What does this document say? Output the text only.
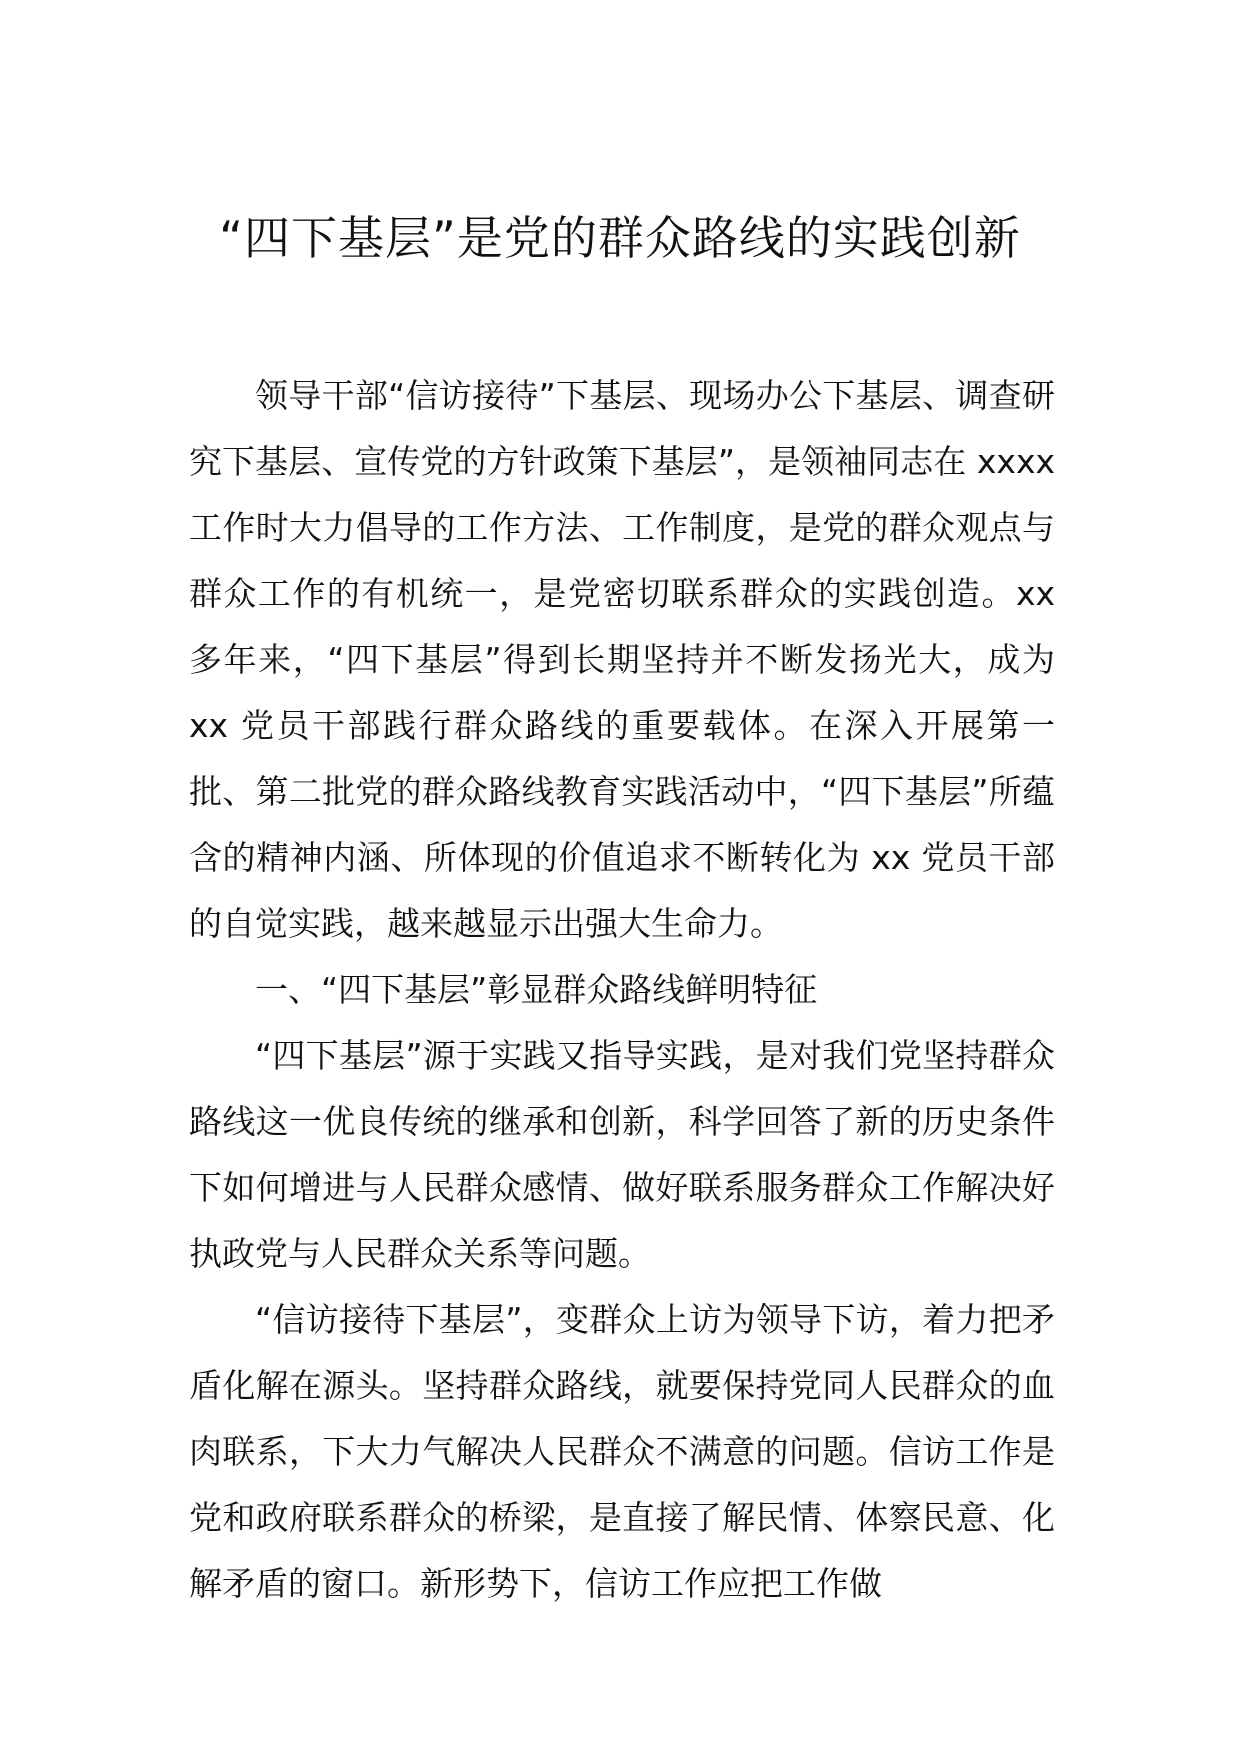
“四下基层”是党的群众路线的实践创新

领导干部“信访接待”下基层、现场办公下基层、调查研究下基层、宣传党的方针政策下基层”，是领袖同志在 xxxx 工作时大力倡导的工作方法、工作制度，是党的群众观点与群众工作的有机统一，是党密切联系群众的实践创造。xx 多年来，“四下基层”得到长期坚持并不断发扬光大，成为 xx 党员干部践行群众路线的重要载体。在深入开展第一批、第二批党的群众路线教育实践活动中，“四下基层”所蕴含的精神内涵、所体现的价值追求不断转化为 xx 党员干部的自觉实践，越来越显示出强大生命力。

一、“四下基层”彰显群众路线鲜明特征

“四下基层”源于实践又指导实践，是对我们党坚持群众路线这一优良传统的继承和创新，科学回答了新的历史条件下如何增进与人民群众感情、做好联系服务群众工作解决好执政党与人民群众关系等问题。

“信访接待下基层”，变群众上访为领导下访，着力把矛盾化解在源头。坚持群众路线，就要保持党同人民群众的血肉联系，下大力气解决人民群众不满意的问题。信访工作是党和政府联系群众的桥梁，是直接了解民情、体察民意、化解矛盾的窗口。新形势下，信访工作应把工作做
